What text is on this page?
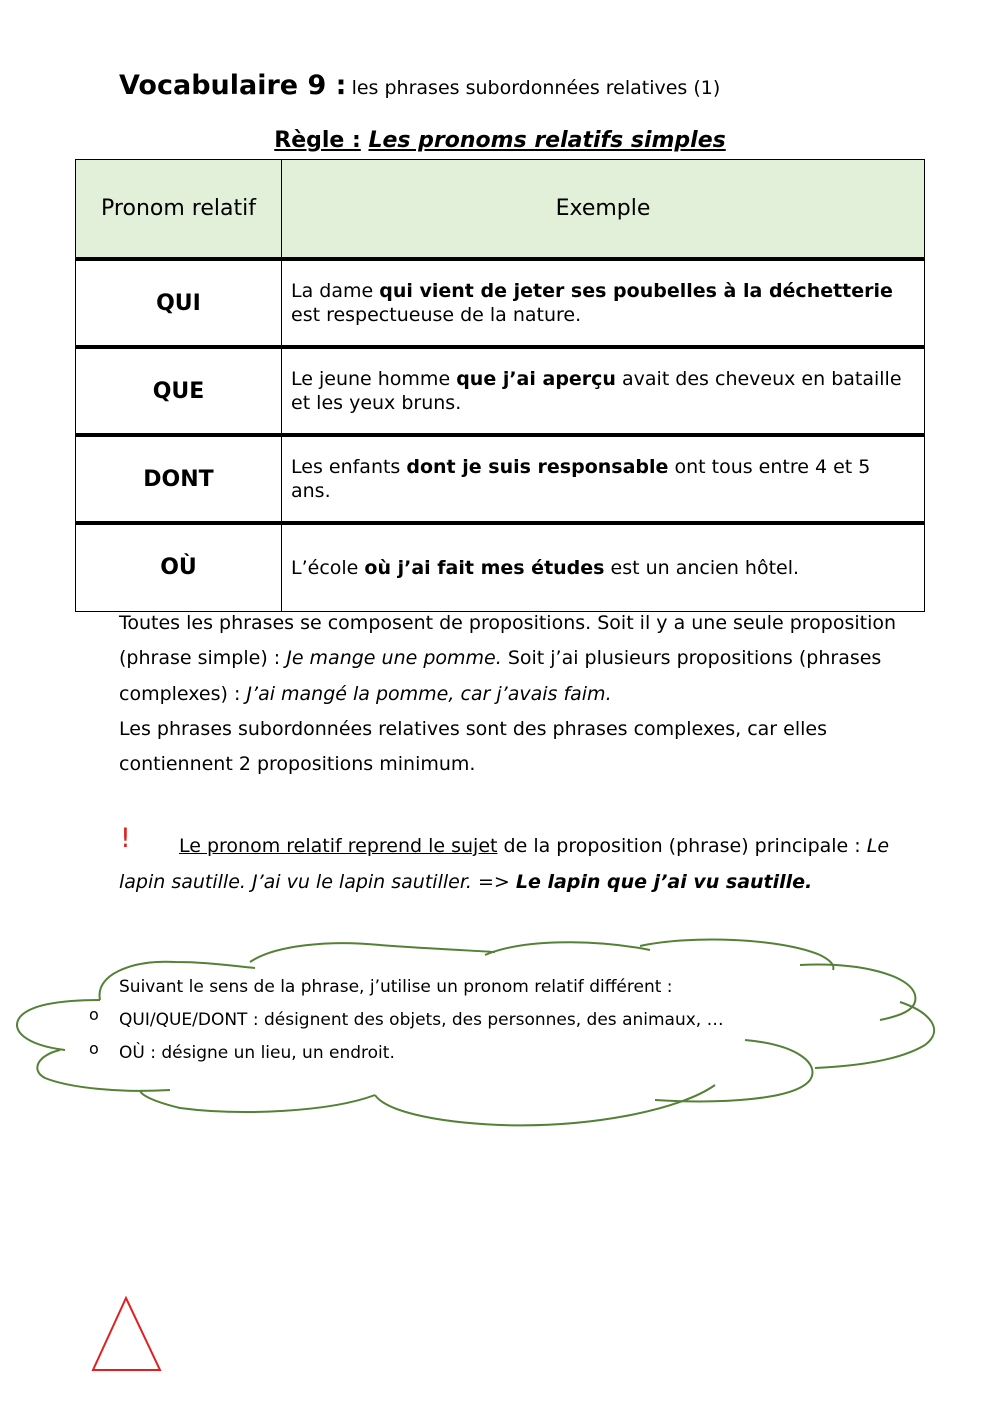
Vocabulaire 9 : les phrases subordonnées relatives (1)
Règle : Les pronoms relatifs simples
Pronom relatif	Exemple
QUI	La dame qui vient de jeter ses poubelles à la déchetterie est respectueuse de la nature.
QUE	Le jeune homme que j’ai aperçu avait des cheveux en bataille et les yeux bruns.
DONT	Les enfants dont je suis responsable ont tous entre 4 et 5 ans.
OÙ	L’école où j’ai fait mes études est un ancien hôtel.
Toutes les phrases se composent de propositions. Soit il y a une seule proposition (phrase simple) : Je mange une pomme. Soit j’ai plusieurs propositions (phrases complexes) : J’ai mangé la pomme, car j’avais faim.
Les phrases subordonnées relatives sont des phrases complexes, car elles contiennent 2 propositions minimum.
!	Le pronom relatif reprend le sujet de la proposition (phrase) principale : Le lapin sautille. J’ai vu le lapin sautiller. => Le lapin que j’ai vu sautille.
Suivant le sens de la phrase, j’utilise un pronom relatif différent :
QUI/QUE/DONT : désignent des objets, des personnes, des animaux, …
OÙ : désigne un lieu, un endroit.
o
o
